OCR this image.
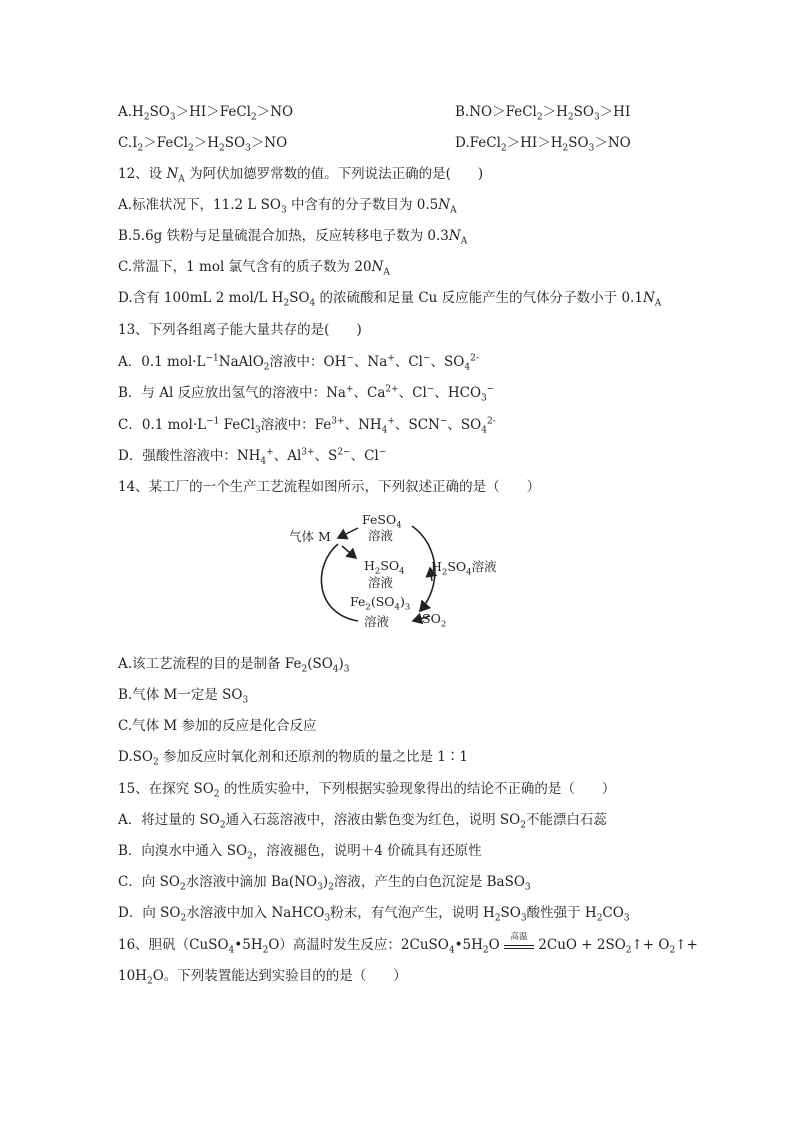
$A.H_2SO_3>HI>FeCl_2>NO$	$B.NO>FeCl_2>H_2SO_3>HI$
$C.I_2>FeCl_2>H_2SO_3>NO$	$D.FeCl_2>HI>H_2SO_3>NO$
12、设 $N_A$ 为阿伏加德罗常数的值。下列说法正确的是(　　)
A.标准状况下，11.2 L $SO_3$ 中含有的分子数目为 $0.5N_A$
B.5.6g 铁粉与足量硫混合加热，反应转移电子数为 $0.3N_A$
C.常温下，1 mol 氯气含有的质子数为 $20N_A$
D.含有 100mL 2 mol/L $H_2SO_4$ 的浓硫酸和足量 Cu 反应能产生的气体分子数小于 $0.1N_A$
13、下列各组离子能大量共存的是(　　)
A．0.1 $mol\cdot L^{-1}NaAlO_2$溶液中：OH−、Na+、Cl−、$SO_4^{2-}$
B．与 Al 反应放出氢气的溶液中：Na+、$Ca^{2+}$、Cl−、$HCO_3^-$
C．0.1 $mol\cdot L^{-1}$ FeCl$_3$溶液中：$Fe^{3+}$、$NH_4^+$、SCN−、$SO_4^{2-}$
D．强酸性溶液中：$NH_4^+$、$Al^{3+}$、$S^{2-}$、Cl−
14、某工厂的一个生产工艺流程如图所示，下列叙述正确的是（　　）
气体 M
FeSO$_4$
溶液
$H_2SO_4$
溶液
$H_2SO_4$溶液
$Fe_2(SO_4)_3$
溶液	$SO_2$
A.该工艺流程的目的是制备 $Fe_2(SO_4)_3$
B.气体 M一定是 $SO_3$
C.气体 M 参加的反应是化合反应
$D.SO_2$ 参加反应时氧化剂和还原剂的物质的量之比是 1∶1
15、在探究 $SO_2$ 的性质实验中，下列根据实验现象得出的结论不正确的是（　　）
A．将过量的 $SO_2$通入石蕊溶液中，溶液由紫色变为红色，说明 $SO_2$不能漂白石蕊
B．向溴水中通入 $SO_2$，溶液褪色，说明＋4 价硫具有还原性
C．向 $SO_2$水溶液中滴加 $Ba(NO_3)_2$溶液，产生的白色沉淀是 BaSO$_3$
D．向 $SO_2$水溶液中加入 NaHCO$_3$粉末，有气泡产生，说明 $H_2SO_3$酸性强于 $H_2CO_3$
16、胆矾$(CuSO_4•5H_2O)$高温时发生反应：$2CuSO_4•5H_2O$ 高温 $2CuO + 2SO_2↑+$ $O_2↑+$
$10H_2O$。下列装置能达到实验目的的是（　　）
